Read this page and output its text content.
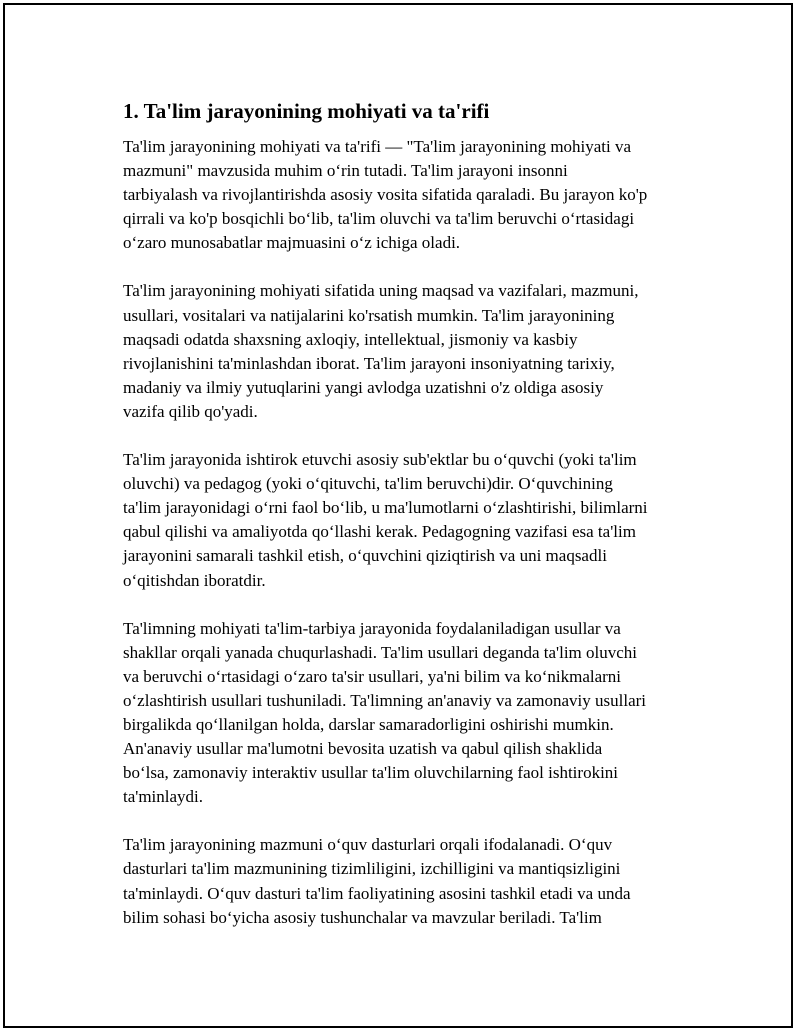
1. Ta'lim jarayonining mohiyati va ta'rifi

Ta'lim jarayonining mohiyati va ta'rifi — "Ta'lim jarayonining mohiyati va
mazmuni" mavzusida muhim o‘rin tutadi. Ta'lim jarayoni insonni
tarbiyalash va rivojlantirishda asosiy vosita sifatida qaraladi. Bu jarayon ko'p
qirrali va ko'p bosqichli bo‘lib, ta'lim oluvchi va ta'lim beruvchi o‘rtasidagi
o‘zaro munosabatlar majmuasini o‘z ichiga oladi.

Ta'lim jarayonining mohiyati sifatida uning maqsad va vazifalari, mazmuni,
usullari, vositalari va natijalarini ko'rsatish mumkin. Ta'lim jarayonining
maqsadi odatda shaxsning axloqiy, intellektual, jismoniy va kasbiy
rivojlanishini ta'minlashdan iborat. Ta'lim jarayoni insoniyatning tarixiy,
madaniy va ilmiy yutuqlarini yangi avlodga uzatishni o'z oldiga asosiy
vazifa qilib qo'yadi.

Ta'lim jarayonida ishtirok etuvchi asosiy sub'ektlar bu o‘quvchi (yoki ta'lim
oluvchi) va pedagog (yoki o‘qituvchi, ta'lim beruvchi)dir. O‘quvchining
ta'lim jarayonidagi o‘rni faol bo‘lib, u ma'lumotlarni o‘zlashtirishi, bilimlarni
qabul qilishi va amaliyotda qo‘llashi kerak. Pedagogning vazifasi esa ta'lim
jarayonini samarali tashkil etish, o‘quvchini qiziqtirish va uni maqsadli
o‘qitishdan iboratdir.

Ta'limning mohiyati ta'lim-tarbiya jarayonida foydalaniladigan usullar va
shakllar orqali yanada chuqurlashadi. Ta'lim usullari deganda ta'lim oluvchi
va beruvchi o‘rtasidagi o‘zaro ta'sir usullari, ya'ni bilim va ko‘nikmalarni
o‘zlashtirish usullari tushuniladi. Ta'limning an'anaviy va zamonaviy usullari
birgalikda qo‘llanilgan holda, darslar samaradorligini oshirishi mumkin.
An'anaviy usullar ma'lumotni bevosita uzatish va qabul qilish shaklida
bo‘lsa, zamonaviy interaktiv usullar ta'lim oluvchilarning faol ishtirokini
ta'minlaydi.

Ta'lim jarayonining mazmuni o‘quv dasturlari orqali ifodalanadi. O‘quv
dasturlari ta'lim mazmunining tizimliligini, izchilligini va mantiqsizligini
ta'minlaydi. O‘quv dasturi ta'lim faoliyatining asosini tashkil etadi va unda
bilim sohasi bo‘yicha asosiy tushunchalar va mavzular beriladi. Ta'lim
